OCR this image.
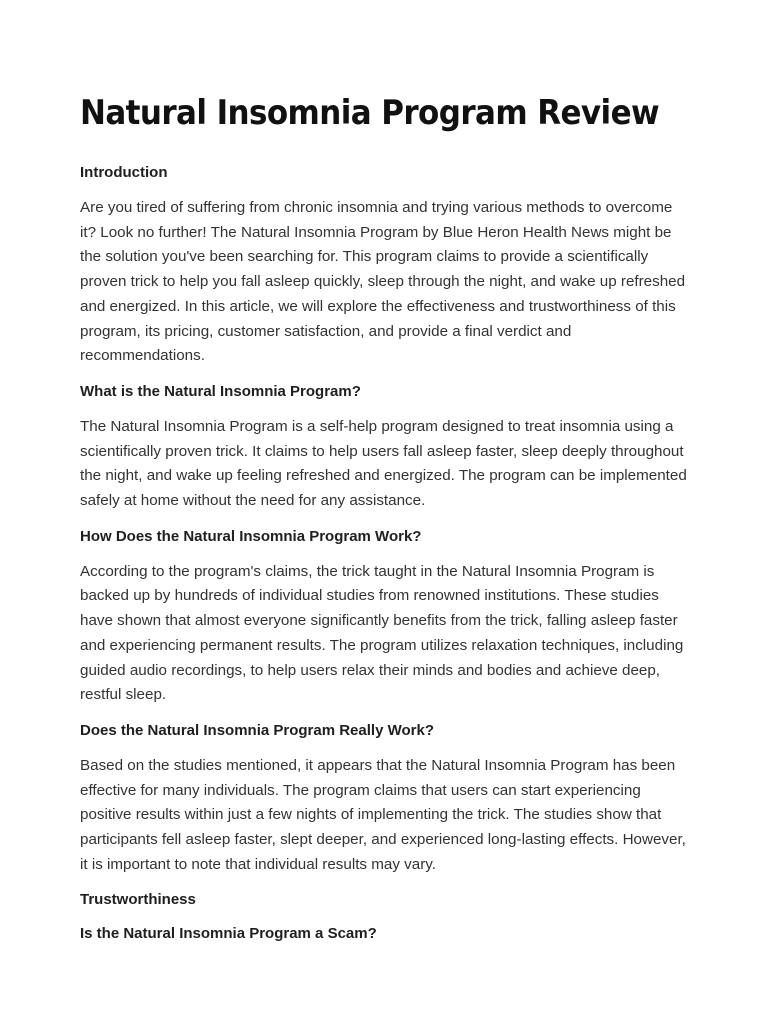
Natural Insomnia Program Review
Introduction

Are you tired of suffering from chronic insomnia and trying various methods to overcome it? Look no further! The Natural Insomnia Program by Blue Heron Health News might be the solution you've been searching for. This program claims to provide a scientifically proven trick to help you fall asleep quickly, sleep through the night, and wake up refreshed and energized. In this article, we will explore the effectiveness and trustworthiness of this program, its pricing, customer satisfaction, and provide a final verdict and recommendations.

What is the Natural Insomnia Program?

The Natural Insomnia Program is a self-help program designed to treat insomnia using a scientifically proven trick. It claims to help users fall asleep faster, sleep deeply throughout the night, and wake up feeling refreshed and energized. The program can be implemented safely at home without the need for any assistance.

How Does the Natural Insomnia Program Work?

According to the program's claims, the trick taught in the Natural Insomnia Program is backed up by hundreds of individual studies from renowned institutions. These studies have shown that almost everyone significantly benefits from the trick, falling asleep faster and experiencing permanent results. The program utilizes relaxation techniques, including guided audio recordings, to help users relax their minds and bodies and achieve deep, restful sleep.

Does the Natural Insomnia Program Really Work?

Based on the studies mentioned, it appears that the Natural Insomnia Program has been effective for many individuals. The program claims that users can start experiencing positive results within just a few nights of implementing the trick. The studies show that participants fell asleep faster, slept deeper, and experienced long-lasting effects. However, it is important to note that individual results may vary.

Trustworthiness
Is the Natural Insomnia Program a Scam?
